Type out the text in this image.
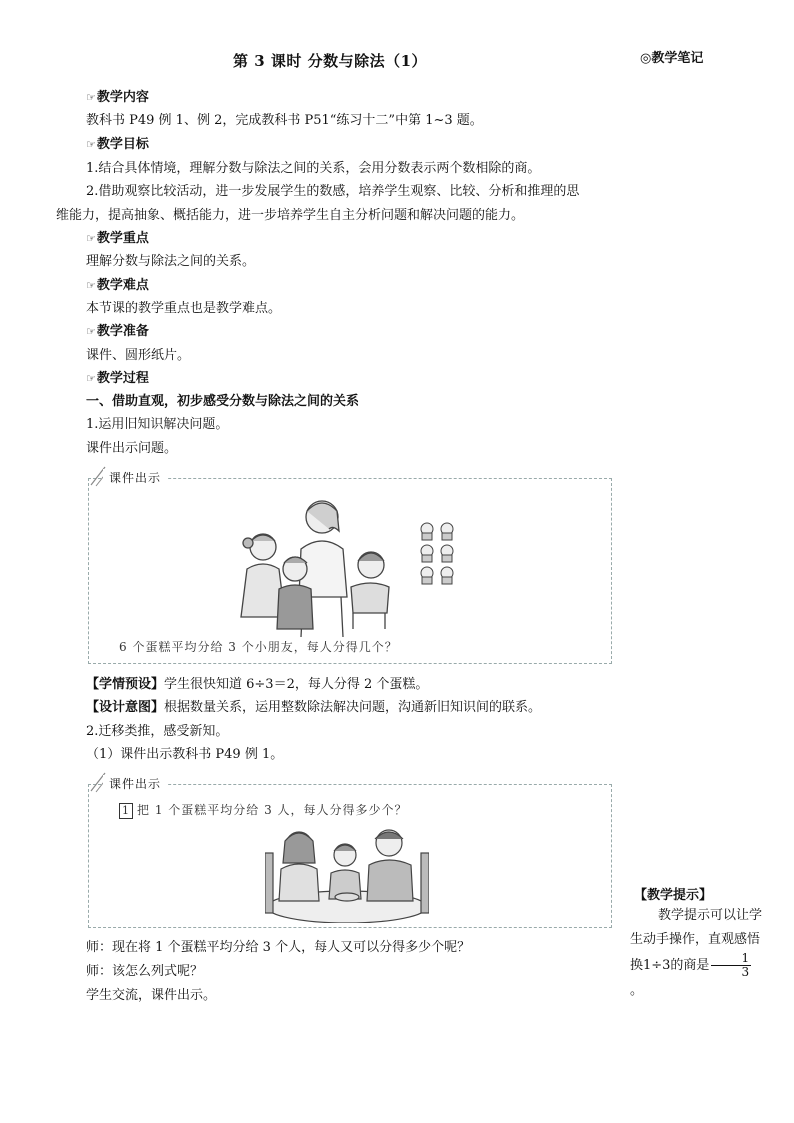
第 3 课时 分数与除法（1）	◎教学笔记
☞教学内容
教科书 P49 例 1、例 2，完成教科书 P51“练习十二”中第 1~3 题。
☞教学目标
1.结合具体情境，理解分数与除法之间的关系，会用分数表示两个数相除的商。
2.借助观察比较活动，进一步发展学生的数感，培养学生观察、比较、分析和推理的思
维能力，提高抽象、概括能力，进一步培养学生自主分析问题和解决问题的能力。
☞教学重点
理解分数与除法之间的关系。
☞教学难点
本节课的教学重点也是教学难点。
☞教学准备
课件、圆形纸片。
☞教学过程
一、借助直观，初步感受分数与除法之间的关系
1.运用旧知识解决问题。
课件出示问题。
课件出示
6 个蛋糕平均分给 3 个小朋友，每人分得几个？
【学情预设】学生很快知道 6÷3＝2，每人分得 2 个蛋糕。
【设计意图】根据数量关系，运用整数除法解决问题，沟通新旧知识间的联系。
2.迁移类推，感受新知。
（1）课件出示教科书 P49 例 1。
课件出示
1 把 1 个蛋糕平均分给 3 人，每人分得多少个？
师：现在将 1 个蛋糕平均分给 3 个人，每人又可以分得多少个呢？
师：该怎么列式呢？
学生交流，课件出示。
【教学提示】
教学提示可以让学生动手操作，直观感悟换1÷3的商是 $\frac{1}{3}$
。
